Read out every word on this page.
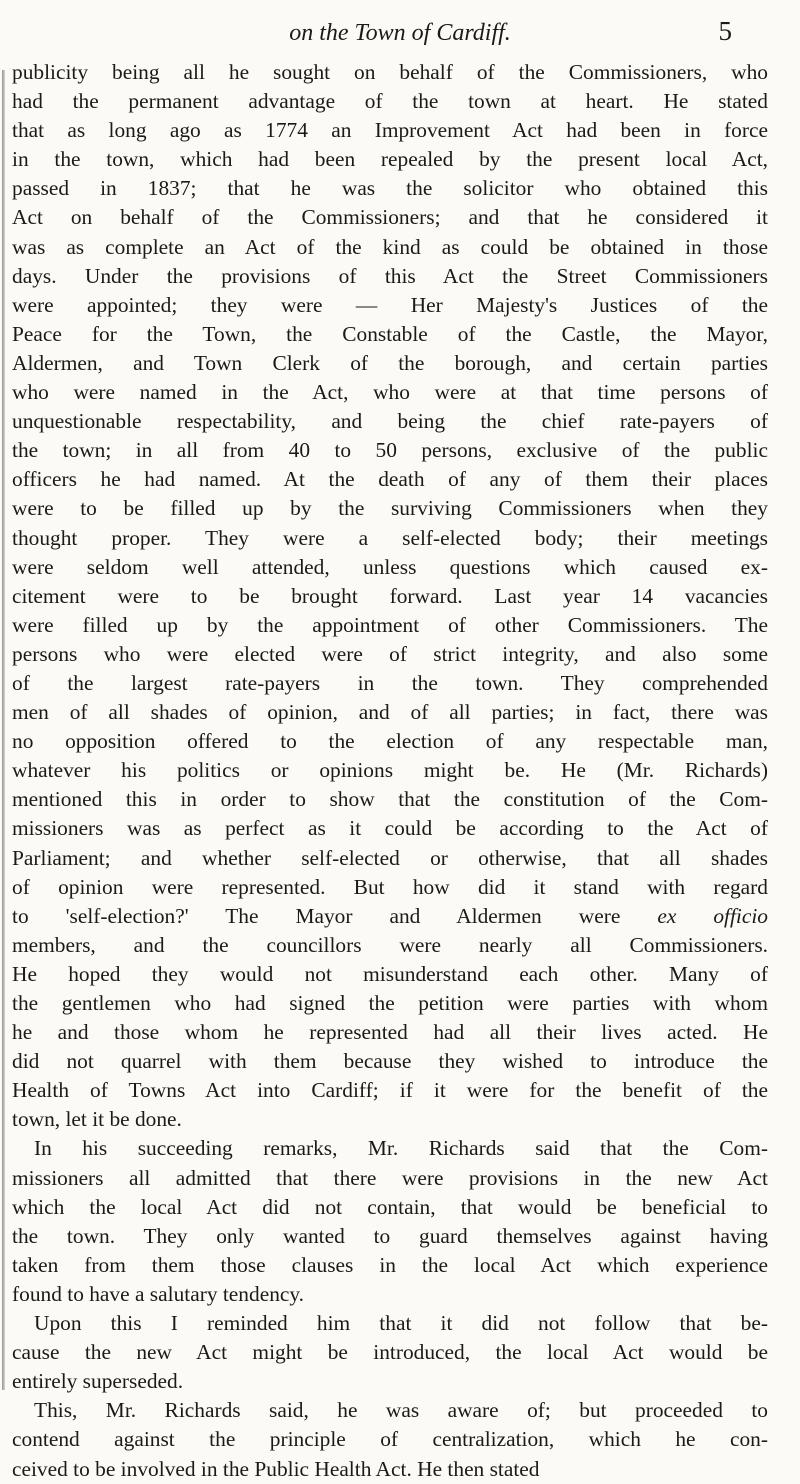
on the Town of Cardiff.	5
publicity being all he sought on behalf of the Commissioners, who
had the permanent advantage of the town at heart. He stated
that as long ago as 1774 an Improvement Act had been in force
in the town, which had been repealed by the present local Act,
passed in 1837; that he was the solicitor who obtained this
Act on behalf of the Commissioners; and that he considered it
was as complete an Act of the kind as could be obtained in those
days. Under the provisions of this Act the Street Commissioners
were appointed; they were — Her Majesty's Justices of the
Peace for the Town, the Constable of the Castle, the Mayor,
Aldermen, and Town Clerk of the borough, and certain parties
who were named in the Act, who were at that time persons of
unquestionable respectability, and being the chief rate-payers of
the town; in all from 40 to 50 persons, exclusive of the public
officers he had named. At the death of any of them their places
were to be filled up by the surviving Commissioners when they
thought proper. They were a self-elected body; their meetings
were seldom well attended, unless questions which caused ex-
citement were to be brought forward. Last year 14 vacancies
were filled up by the appointment of other Commissioners. The
persons who were elected were of strict integrity, and also some
of the largest rate-payers in the town. They comprehended
men of all shades of opinion, and of all parties; in fact, there was
no opposition offered to the election of any respectable man,
whatever his politics or opinions might be. He (Mr. Richards)
mentioned this in order to show that the constitution of the Com-
missioners was as perfect as it could be according to the Act of
Parliament; and whether self-elected or otherwise, that all shades
of opinion were represented. But how did it stand with regard
to 'self-election?' The Mayor and Aldermen were ex officio
members, and the councillors were nearly all Commissioners.
He hoped they would not misunderstand each other. Many of
the gentlemen who had signed the petition were parties with whom
he and those whom he represented had all their lives acted. He
did not quarrel with them because they wished to introduce the
Health of Towns Act into Cardiff; if it were for the benefit of the
town, let it be done.
In his succeeding remarks, Mr. Richards said that the Com-
missioners all admitted that there were provisions in the new Act
which the local Act did not contain, that would be beneficial to
the town. They only wanted to guard themselves against having
taken from them those clauses in the local Act which experience
found to have a salutary tendency.
Upon this I reminded him that it did not follow that be-
cause the new Act might be introduced, the local Act would be
entirely superseded.
This, Mr. Richards said, he was aware of; but proceeded to
contend against the principle of centralization, which he con-
ceived to be involved in the Public Health Act. He then stated
